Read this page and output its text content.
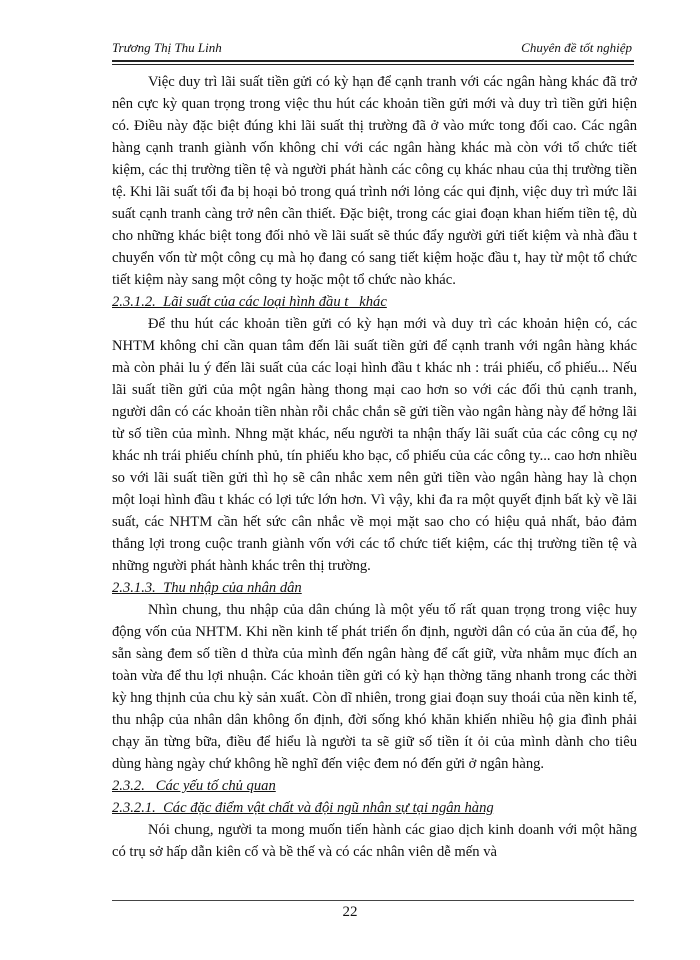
Trương Thị Thu Linh	Chuyên đề tốt nghiệp

Việc duy trì lãi suất tiền gửi có kỳ hạn để cạnh tranh với các ngân hàng khác đã trở nên cực kỳ quan trọng trong việc thu hút các khoản tiền gửi mới và duy trì tiền gửi hiện có. Điều này đặc biệt đúng khi lãi suất thị trường đã ở vào mức tong đối cao. Các ngân hàng cạnh tranh giành vốn không chỉ với các ngân hàng khác mà còn với tổ chức tiết kiệm, các thị trường tiền tệ và người phát hành các công cụ khác nhau của thị trường tiền tệ. Khi lãi suất tối đa bị hoại bỏ trong quá trình nới lỏng các qui định, việc duy trì mức lãi suất cạnh tranh càng trở nên cần thiết. Đặc biệt, trong các giai đoạn khan hiếm tiền tệ, dù cho những khác biệt tong đối nhỏ về lãi suất sẽ thúc đẩy người gửi tiết kiệm và nhà đầu t chuyển vốn từ một công cụ mà họ đang có sang tiết kiệm hoặc đầu t, hay từ một tổ chức tiết kiệm này sang một công ty hoặc một tổ chức nào khác.

2.3.1.2.  Lãi suất của các loại hình đầu t   khác

Để thu hút các khoản tiền gửi có kỳ hạn mới và duy trì các khoản hiện có, các NHTM không chỉ cần quan tâm đến lãi suất tiền gửi để cạnh tranh với ngân hàng khác mà còn phải lu ý đến lãi suất của các loại hình đầu t khác nh : trái phiếu, cổ phiếu... Nếu lãi suất tiền gửi của một ngân hàng thong mại cao hơn so với các đối thủ cạnh tranh, người dân có các khoản tiền nhàn rỗi chắc chắn sẽ gửi tiền vào ngân hàng này để hởng lãi từ số tiền của mình. Nhng mặt khác, nếu người ta nhận thấy lãi suất của các công cụ nợ khác nh trái phiếu chính phủ, tín phiếu kho bạc, cổ phiếu của các công ty... cao hơn nhiều so với lãi suất tiền gửi thì họ sẽ cân nhắc xem nên gửi tiền vào ngân hàng hay là chọn một loại hình đầu t khác có lợi tức lớn hơn. Vì vậy, khi đa ra một quyết định bất kỳ về lãi suất, các NHTM cần hết sức cân nhắc về mọi mặt sao cho có hiệu quả nhất, bảo đảm thắng lợi trong cuộc tranh giành vốn với các tổ chức tiết kiệm, các thị trường tiền tệ và những người phát hành khác trên thị trường.

2.3.1.3.  Thu nhập của nhân dân

Nhìn chung, thu nhập của dân chúng là một yếu tố rất quan trọng trong việc huy động vốn của NHTM. Khi nền kinh tế phát triển ổn định, người dân có của ăn của để, họ sẵn sàng đem số tiền d thừa của mình đến ngân hàng để cất giữ, vừa nhằm mục đích an toàn vừa để thu lợi nhuận. Các khoản tiền gửi có kỳ hạn thờng tăng nhanh trong các thời kỳ hng thịnh của chu kỳ sản xuất. Còn dĩ nhiên, trong giai đoạn suy thoái của nền kinh tế, thu nhập của nhân dân không ổn định, đời sống khó khăn khiến nhiều hộ gia đình phải chạy ăn từng bữa, điều để hiểu là người ta sẽ giữ số tiền ít ỏi của mình dành cho tiêu dùng hàng ngày chứ không hề nghĩ đến việc đem nó đến gửi ở ngân hàng.

2.3.2.   Các yếu tố chủ quan

2.3.2.1.  Các đặc điểm vật chất và đội ngũ nhân sự tại ngân hàng

Nói chung, người ta mong muốn tiến hành các giao dịch kinh doanh với một hãng có trụ sở hấp dẫn kiên cố và bề thế và có các nhân viên dễ mến và

22
